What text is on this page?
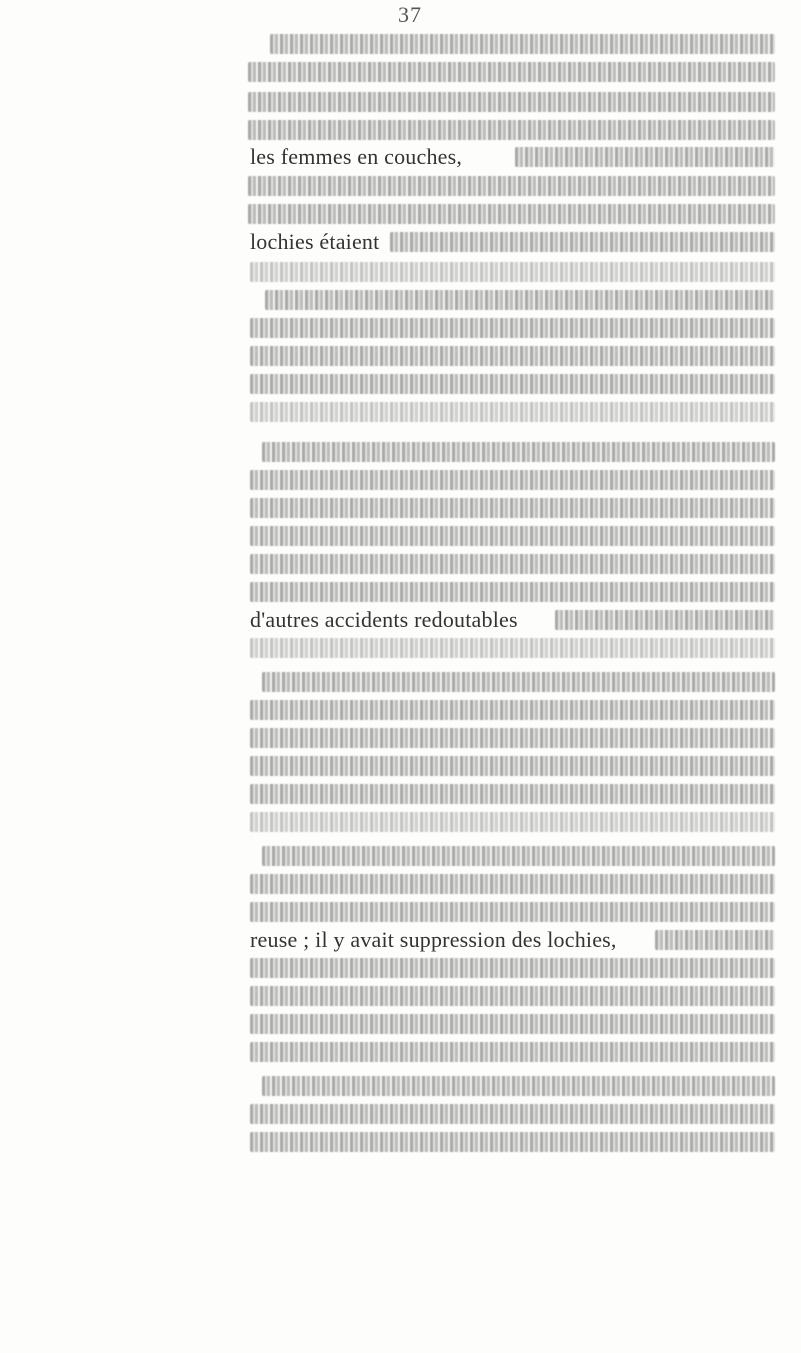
37
les femmes en couches,
lochies étaient
d'autres accidents redoutables
reuse ; il y avait suppression des lochies,
